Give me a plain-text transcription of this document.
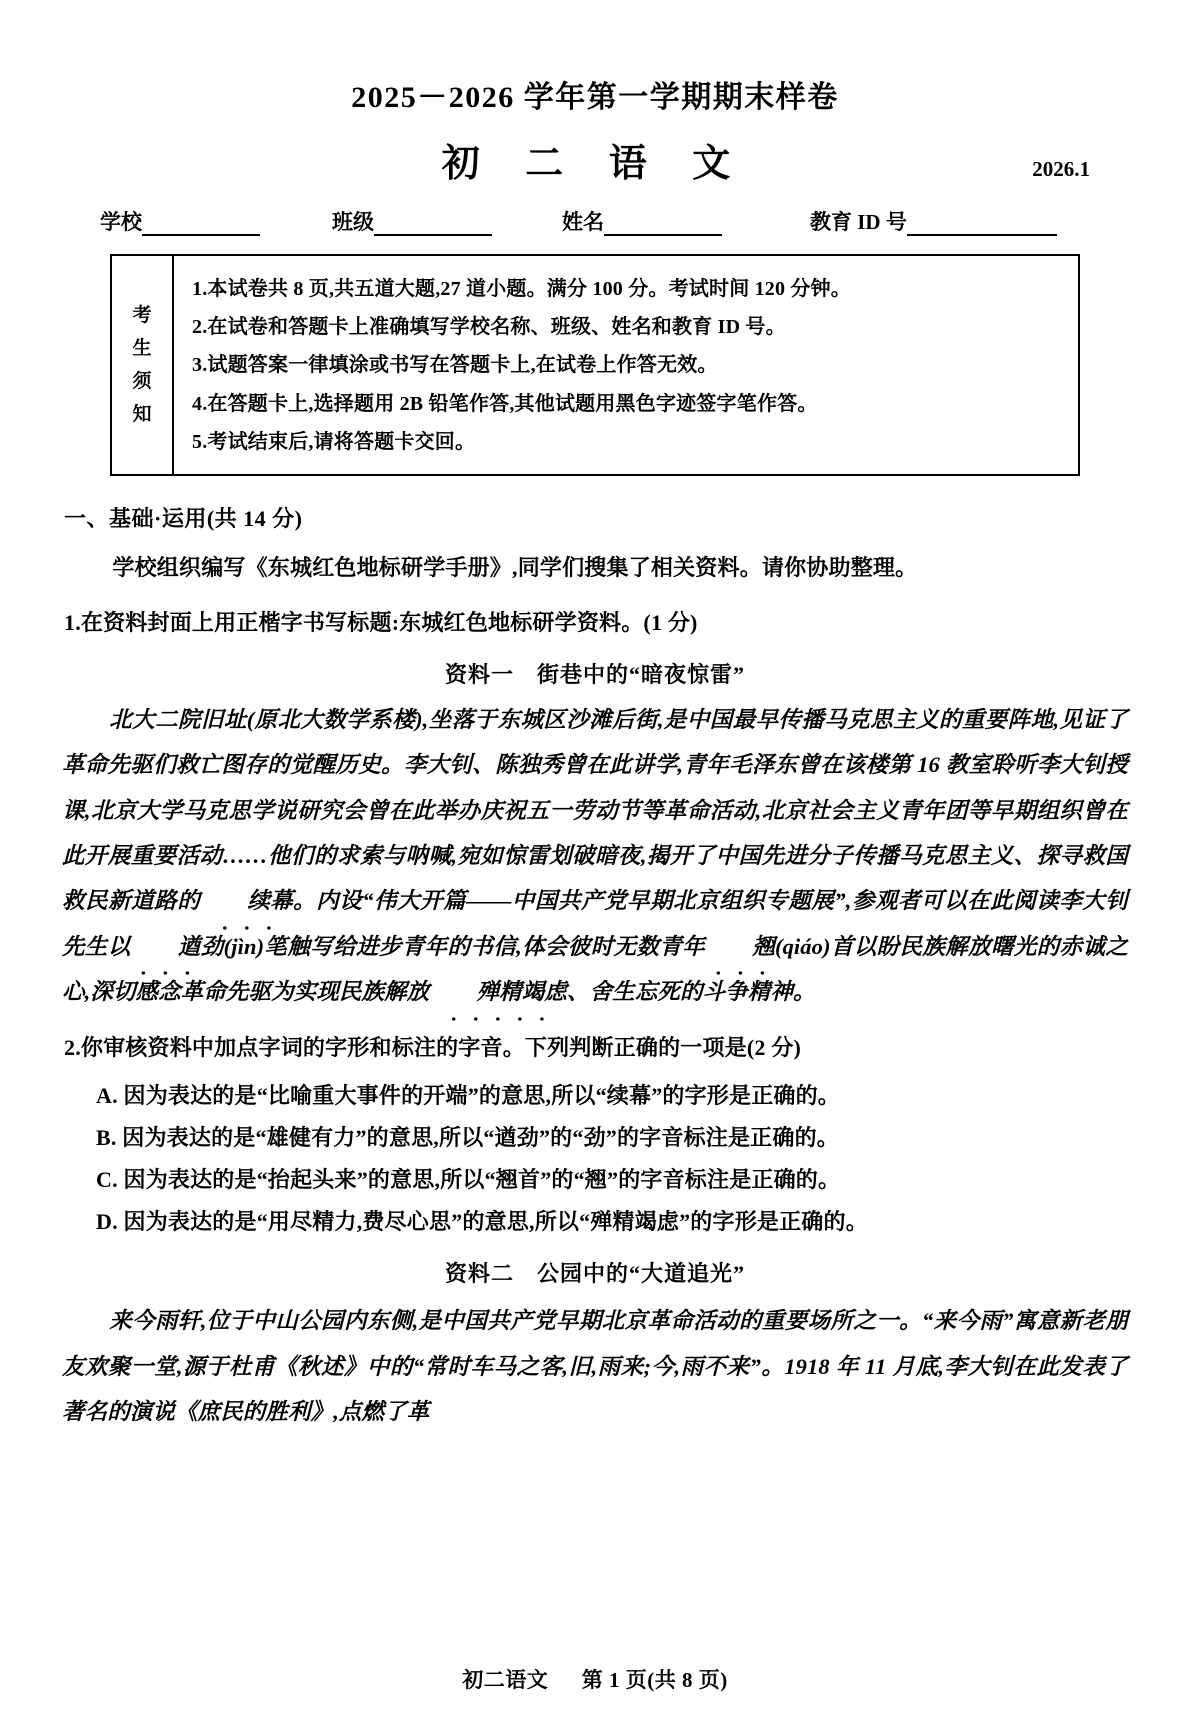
2025－2026 学年第一学期期末样卷
初 二 语 文	2026.1
学校	班级	姓名	教育 ID 号
考
生
须
知
1.本试卷共 8 页,共五道大题,27 道小题。满分 100 分。考试时间 120 分钟。
2.在试卷和答题卡上准确填写学校名称、班级、姓名和教育 ID 号。
3.试题答案一律填涂或书写在答题卡上,在试卷上作答无效。
4.在答题卡上,选择题用 2B 铅笔作答,其他试题用黑色字迹签字笔作答。
5.考试结束后,请将答题卡交回。
一、基础·运用(共 14 分)
学校组织编写《东城红色地标研学手册》,同学们搜集了相关资料。请你协助整理。
1.在资料封面上用正楷字书写标题:东城红色地标研学资料。(1 分)
资料一　街巷中的“暗夜惊雷”
北大二院旧址(原北大数学系楼),坐落于东城区沙滩后街,是中国最早传播马克思主义的重要阵地,见证了革命先驱们救亡图存的觉醒历史。李大钊、陈独秀曾在此讲学,青年毛泽东曾在该楼第 16 教室聆听李大钊授课,北京大学马克思学说研究会曾在此举办庆祝五一劳动节等革命活动,北京社会主义青年团等早期组织曾在此开展重要活动……他们的求索与呐喊,宛如惊雷划破暗夜,揭开了中国先进分子传播马克思主义、探寻救国救民新道路的 续幕。内设“伟大开篇——中国共产党早期北京组织专题展”,参观者可以在此阅读李大钊先生以 遒劲(jìn)笔触写给进步青年的书信,体会彼时无数青年 翘(qiáo)首以盼民族解放曙光的赤诚之心,深切感念革命先驱为实现民族解放 殚精竭虑、舍生忘死的斗争精神。
2.你审核资料中加点字词的字形和标注的字音。下列判断正确的一项是(2 分)
A. 因为表达的是“比喻重大事件的开端”的意思,所以“续幕”的字形是正确的。
B. 因为表达的是“雄健有力”的意思,所以“遒劲”的“劲”的字音标注是正确的。
C. 因为表达的是“抬起头来”的意思,所以“翘首”的“翘”的字音标注是正确的。
D. 因为表达的是“用尽精力,费尽心思”的意思,所以“殚精竭虑”的字形是正确的。
资料二　公园中的“大道追光”
来今雨轩,位于中山公园内东侧,是中国共产党早期北京革命活动的重要场所之一。“来今雨”寓意新老朋友欢聚一堂,源于杜甫《秋述》中的“常时车马之客,旧,雨来;今,雨不来”。1918 年 11 月底,李大钊在此发表了著名的演说《庶民的胜利》,点燃了革
初二语文 第 1 页(共 8 页)
